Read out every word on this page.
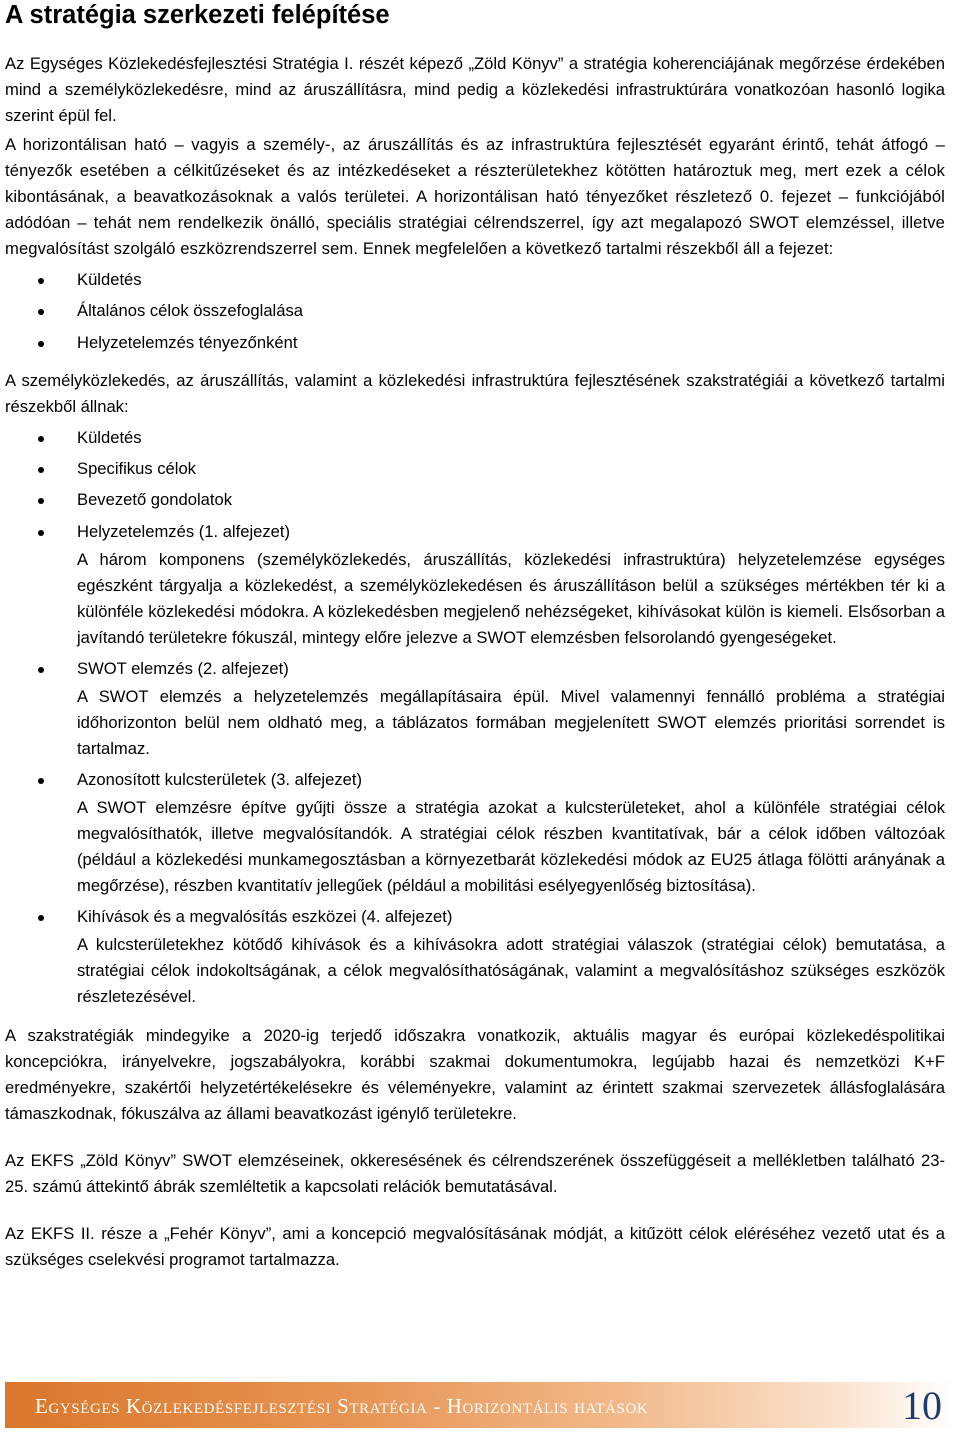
A stratégia szerkezeti felépítése

Az Egységes Közlekedésfejlesztési Stratégia I. részét képező „Zöld Könyv” a stratégia koherenciájának megőrzése érdekében mind a személyközlekedésre, mind az áruszállításra, mind pedig a közlekedési infrastruktúrára vonatkozóan hasonló logika szerint épül fel.

A horizontálisan ható – vagyis a személy-, az áruszállítás és az infrastruktúra fejlesztését egyaránt érintő, tehát átfogó – tényezők esetében a célkitűzéseket és az intézkedéseket a részterületekhez kötötten határoztuk meg, mert ezek a célok kibontásának, a beavatkozásoknak a valós területei. A horizontálisan ható tényezőket részletező 0. fejezet – funkciójából adódóan – tehát nem rendelkezik önálló, speciális stratégiai célrendszerrel, így azt megalapozó SWOT elemzéssel, illetve megvalósítást szolgáló eszközrendszerrel sem. Ennek megfelelően a következő tartalmi részekből áll a fejezet:

Küldetés
Általános célok összefoglalása
Helyzetelemzés tényezőnként

A személyközlekedés, az áruszállítás, valamint a közlekedési infrastruktúra fejlesztésének szakstratégiái a következő tartalmi részekből állnak:

Küldetés
Specifikus célok
Bevezető gondolatok
Helyzetelemzés (1. alfejezet)
A három komponens (személyközlekedés, áruszállítás, közlekedési infrastruktúra) helyzetelemzése egységes egészként tárgyalja a közlekedést, a személyközlekedésen és áruszállításon belül a szükséges mértékben tér ki a különféle közlekedési módokra. A közlekedésben megjelenő nehézségeket, kihívásokat külön is kiemeli. Elsősorban a javítandó területekre fókuszál, mintegy előre jelezve a SWOT elemzésben felsorolandó gyengeségeket.
SWOT elemzés (2. alfejezet)
A SWOT elemzés a helyzetelemzés megállapításaira épül. Mivel valamennyi fennálló probléma a stratégiai időhorizonton belül nem oldható meg, a táblázatos formában megjelenített SWOT elemzés prioritási sorrendet is tartalmaz.
Azonosított kulcsterületek (3. alfejezet)
A SWOT elemzésre építve gyűjti össze a stratégia azokat a kulcsterületeket, ahol a különféle stratégiai célok megvalósíthatók, illetve megvalósítandók. A stratégiai célok részben kvantitatívak, bár a célok időben változóak (például a közlekedési munkamegosztásban a környezetbarát közlekedési módok az EU25 átlaga fölötti arányának a megőrzése), részben kvantitatív jellegűek (például a mobilitási esélyegyenlőség biztosítása).
Kihívások és a megvalósítás eszközei (4. alfejezet)
A kulcsterületekhez kötődő kihívások és a kihívásokra adott stratégiai válaszok (stratégiai célok) bemutatása, a stratégiai célok indokoltságának, a célok megvalósíthatóságának, valamint a megvalósításhoz szükséges eszközök részletezésével.

A szakstratégiák mindegyike a 2020-ig terjedő időszakra vonatkozik, aktuális magyar és európai közlekedéspolitikai koncepciókra, irányelvekre, jogszabályokra, korábbi szakmai dokumentumokra, legújabb hazai és nemzetközi K+F eredményekre, szakértői helyzetértékelésekre és véleményekre, valamint az érintett szakmai szervezetek állásfoglalására támaszkodnak, fókuszálva az állami beavatkozást igénylő területekre.

Az EKFS „Zöld Könyv” SWOT elemzéseinek, okkeresésének és célrendszerének összefüggéseit a mellékletben található 23-25. számú áttekintő ábrák szemléltetik a kapcsolati relációk bemutatásával.

Az EKFS II. része a „Fehér Könyv”, ami a koncepció megvalósításának módját, a kitűzött célok eléréséhez vezető utat és a szükséges cselekvési programot tartalmazza.

Egységes Közlekedésfejlesztési Stratégia - Horizontális hatások	10
